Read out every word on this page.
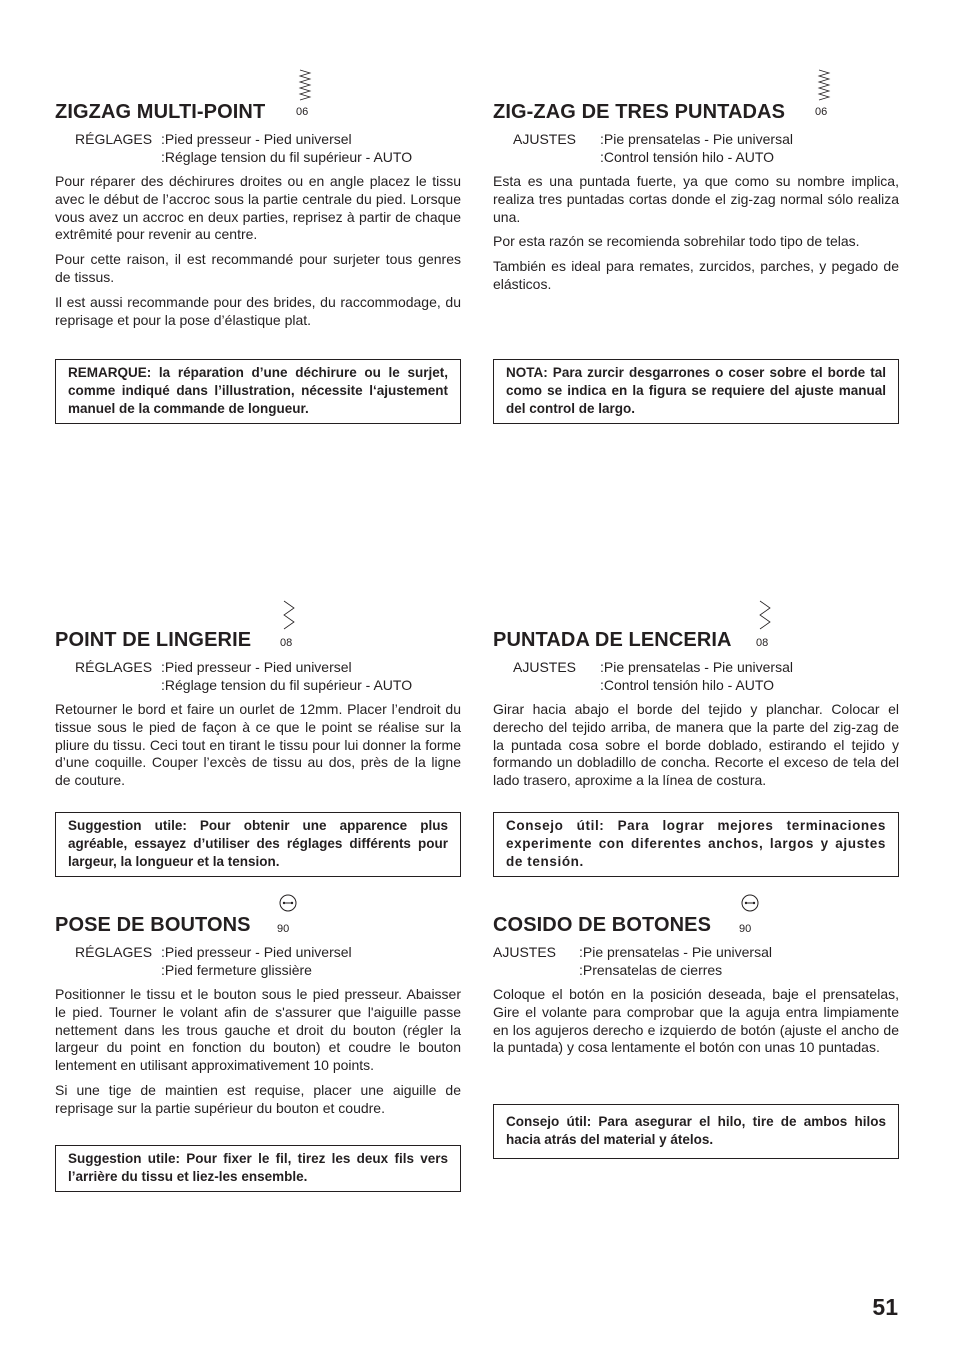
ZIGZAG MULTI-POINT	06
RÉGLAGES :Pied presseur - Pied universel
:Réglage tension du fil supérieur - AUTO

Pour réparer des déchirures droites ou en angle placez le tissu avec le début de l’accroc sous la partie centrale du pied. Lorsque vous avez un accroc en deux parties, reprisez à partir de chaque extrêmité pour revenir au centre.

Pour cette raison, il est recommandé pour surjeter tous genres de tissus.

Il est aussi recommande pour des brides, du raccommodage, du reprisage et pour la pose d’élastique plat.

REMARQUE: la réparation d’une déchirure ou le surjet, comme indiqué dans l’illustration, nécessite l‘ajustement manuel de la commande de longueur.
POINT DE LINGERIE	08
RÉGLAGES :Pied presseur - Pied universel
:Réglage tension du fil supérieur - AUTO

Retourner le bord et faire un ourlet de 12mm. Placer l’endroit du tissue sous le pied de façon à ce que le point se réalise sur la pliure du tissu. Ceci tout en tirant le tissu pour lui donner la forme d’une coquille. Couper l’excès de tissu au dos, près de la ligne de couture.

Suggestion utile: Pour obtenir une apparence plus agréable, essayez d’utiliser des réglages différents pour largeur, la longueur et la tension.
POSE DE BOUTONS 90
RÉGLAGES :Pied presseur - Pied universel
:Pied fermeture glissière

Positionner le tissu et le bouton sous le pied presseur. Abaisser le pied. Tourner le volant afin de s'assurer que l'aiguille passe nettement dans les trous gauche et droit du bouton (régler la largeur du point en fonction du bouton) et coudre le bouton lentement en utilisant approximativement 10 points.

Si une tige de maintien est requise, placer une aiguille de reprisage sur la partie supérieur du bouton et coudre.

Suggestion utile: Pour fixer le fil, tirez les deux fils vers l’arrière du tissu et liez-les ensemble.
ZIG-ZAG DE TRES PUNTADAS	06
AJUSTES	:Pie prensatelas - Pie universal
:Control tensión hilo - AUTO

Esta es una puntada fuerte, ya que como su nombre implica, realiza tres puntadas cortas donde el zig-zag normal sólo realiza una.

Por esta razón se recomienda sobrehilar todo tipo de telas.

También es ideal para remates, zurcidos, parches, y pegado de elásticos.

NOTA: Para zurcir desgarrones o coser sobre el borde tal como se indica en la figura se requiere del ajuste manual del control de largo.
PUNTADA DE LENCERIA 08
AJUSTES	:Pie prensatelas - Pie universal
:Control tensión hilo - AUTO

Girar hacia abajo el borde del tejido y planchar. Colocar el derecho del tejido arriba, de manera que la parte del zig-zag de la puntada cosa sobre el borde doblado, estirando el tejido y formando un dobladillo de concha. Recorte el exceso de tela del lado trasero, aproxime a la línea de costura.

Consejo útil: Para lograr mejores terminaciones experimente con diferentes anchos, largos y ajustes de tensión.
COSIDO DE BOTONES	90
AJUSTES	:Pie prensatelas - Pie universal
:Prensatelas de cierres

Coloque el botón en la posición deseada, baje el prensatelas, Gire el volante para comprobar que la aguja entra limpiamente en los agujeros derecho e izquierdo de botón (ajuste el ancho de la puntada) y cosa lentamente el botón con unas 10 puntadas.

Consejo útil: Para asegurar el hilo, tire de ambos hilos hacia atrás del material y átelos.
51
